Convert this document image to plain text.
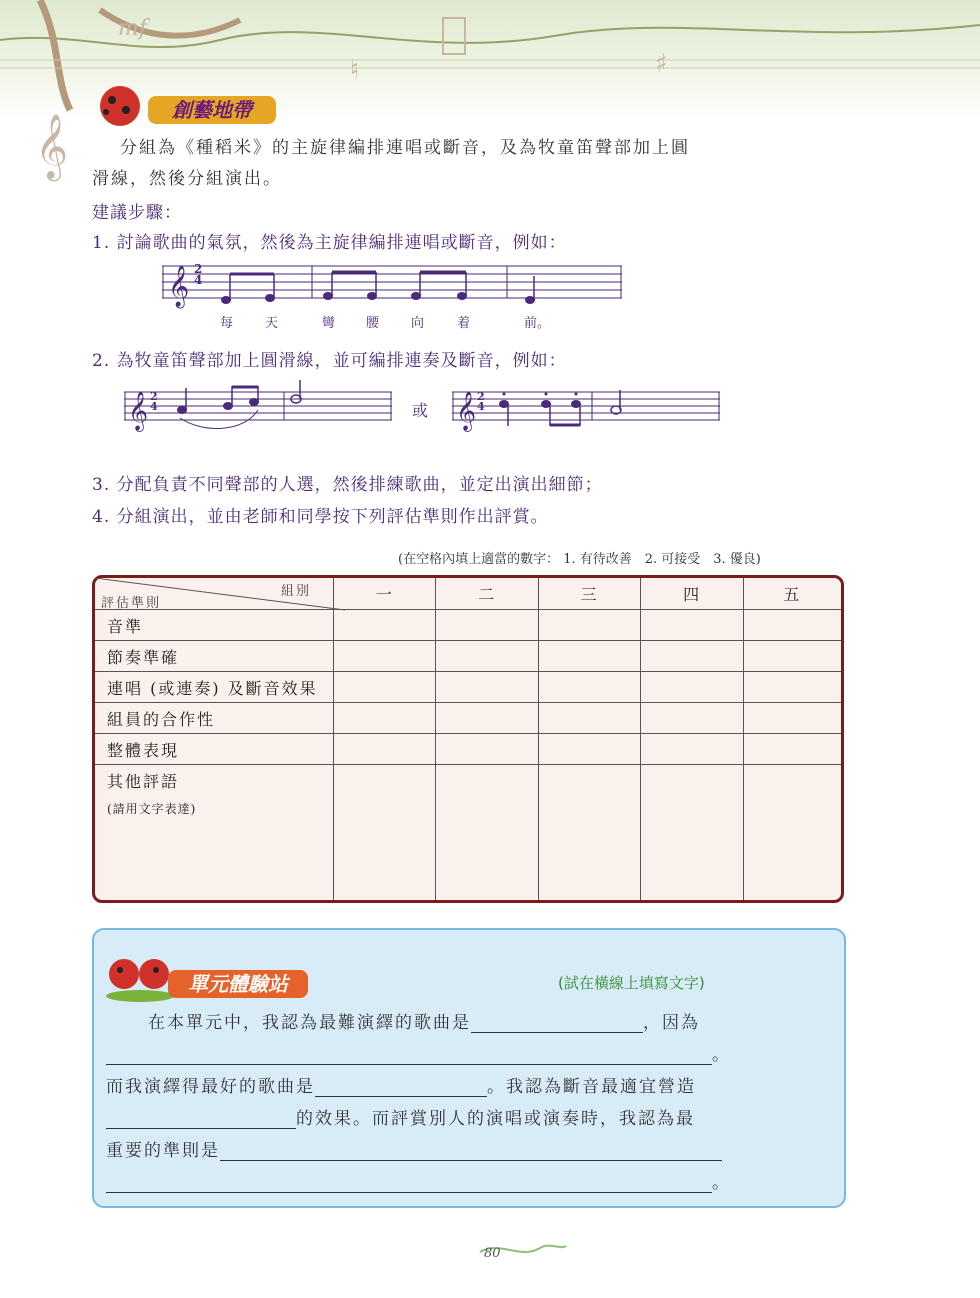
♯
♮
𝄞
mf
創藝地帶
分組為《種稻米》的主旋律編排連唱或斷音，及為牧童笛聲部加上圓
滑線，然後分組演出。
建議步驟：
1. 討論歌曲的氣氛，然後為主旋律編排連唱或斷音，例如：
𝄞 2
4
每 天	彎 腰 向	着	前。
2. 為牧童笛聲部加上圓滑線，並可編排連奏及斷音，例如：
𝄞 2
4	或 𝄞 2
4
3. 分配負責不同聲部的人選，然後排練歌曲，並定出演出細節；
4. 分組演出，並由老師和同學按下列評估準則作出評賞。
(在空格內填上適當的數字： 1. 有待改善　2. 可接受　3. 優良)
組別
評估準則	一	二	三	四	五
音準					
節奏準確					
連唱 (或連奏) 及斷音效果					
組員的合作性					
整體表現					

其他評語
(請用文字表達)					

單元體驗站	(試在橫線上填寫文字)
在本單元中，我認為最難演繹的歌曲是	，因為
。
而我演繹得最好的歌曲是	。我認為斷音最適宜營造
的效果。而評賞別人的演唱或演奏時，我認為最
重要的準則是
。
80
